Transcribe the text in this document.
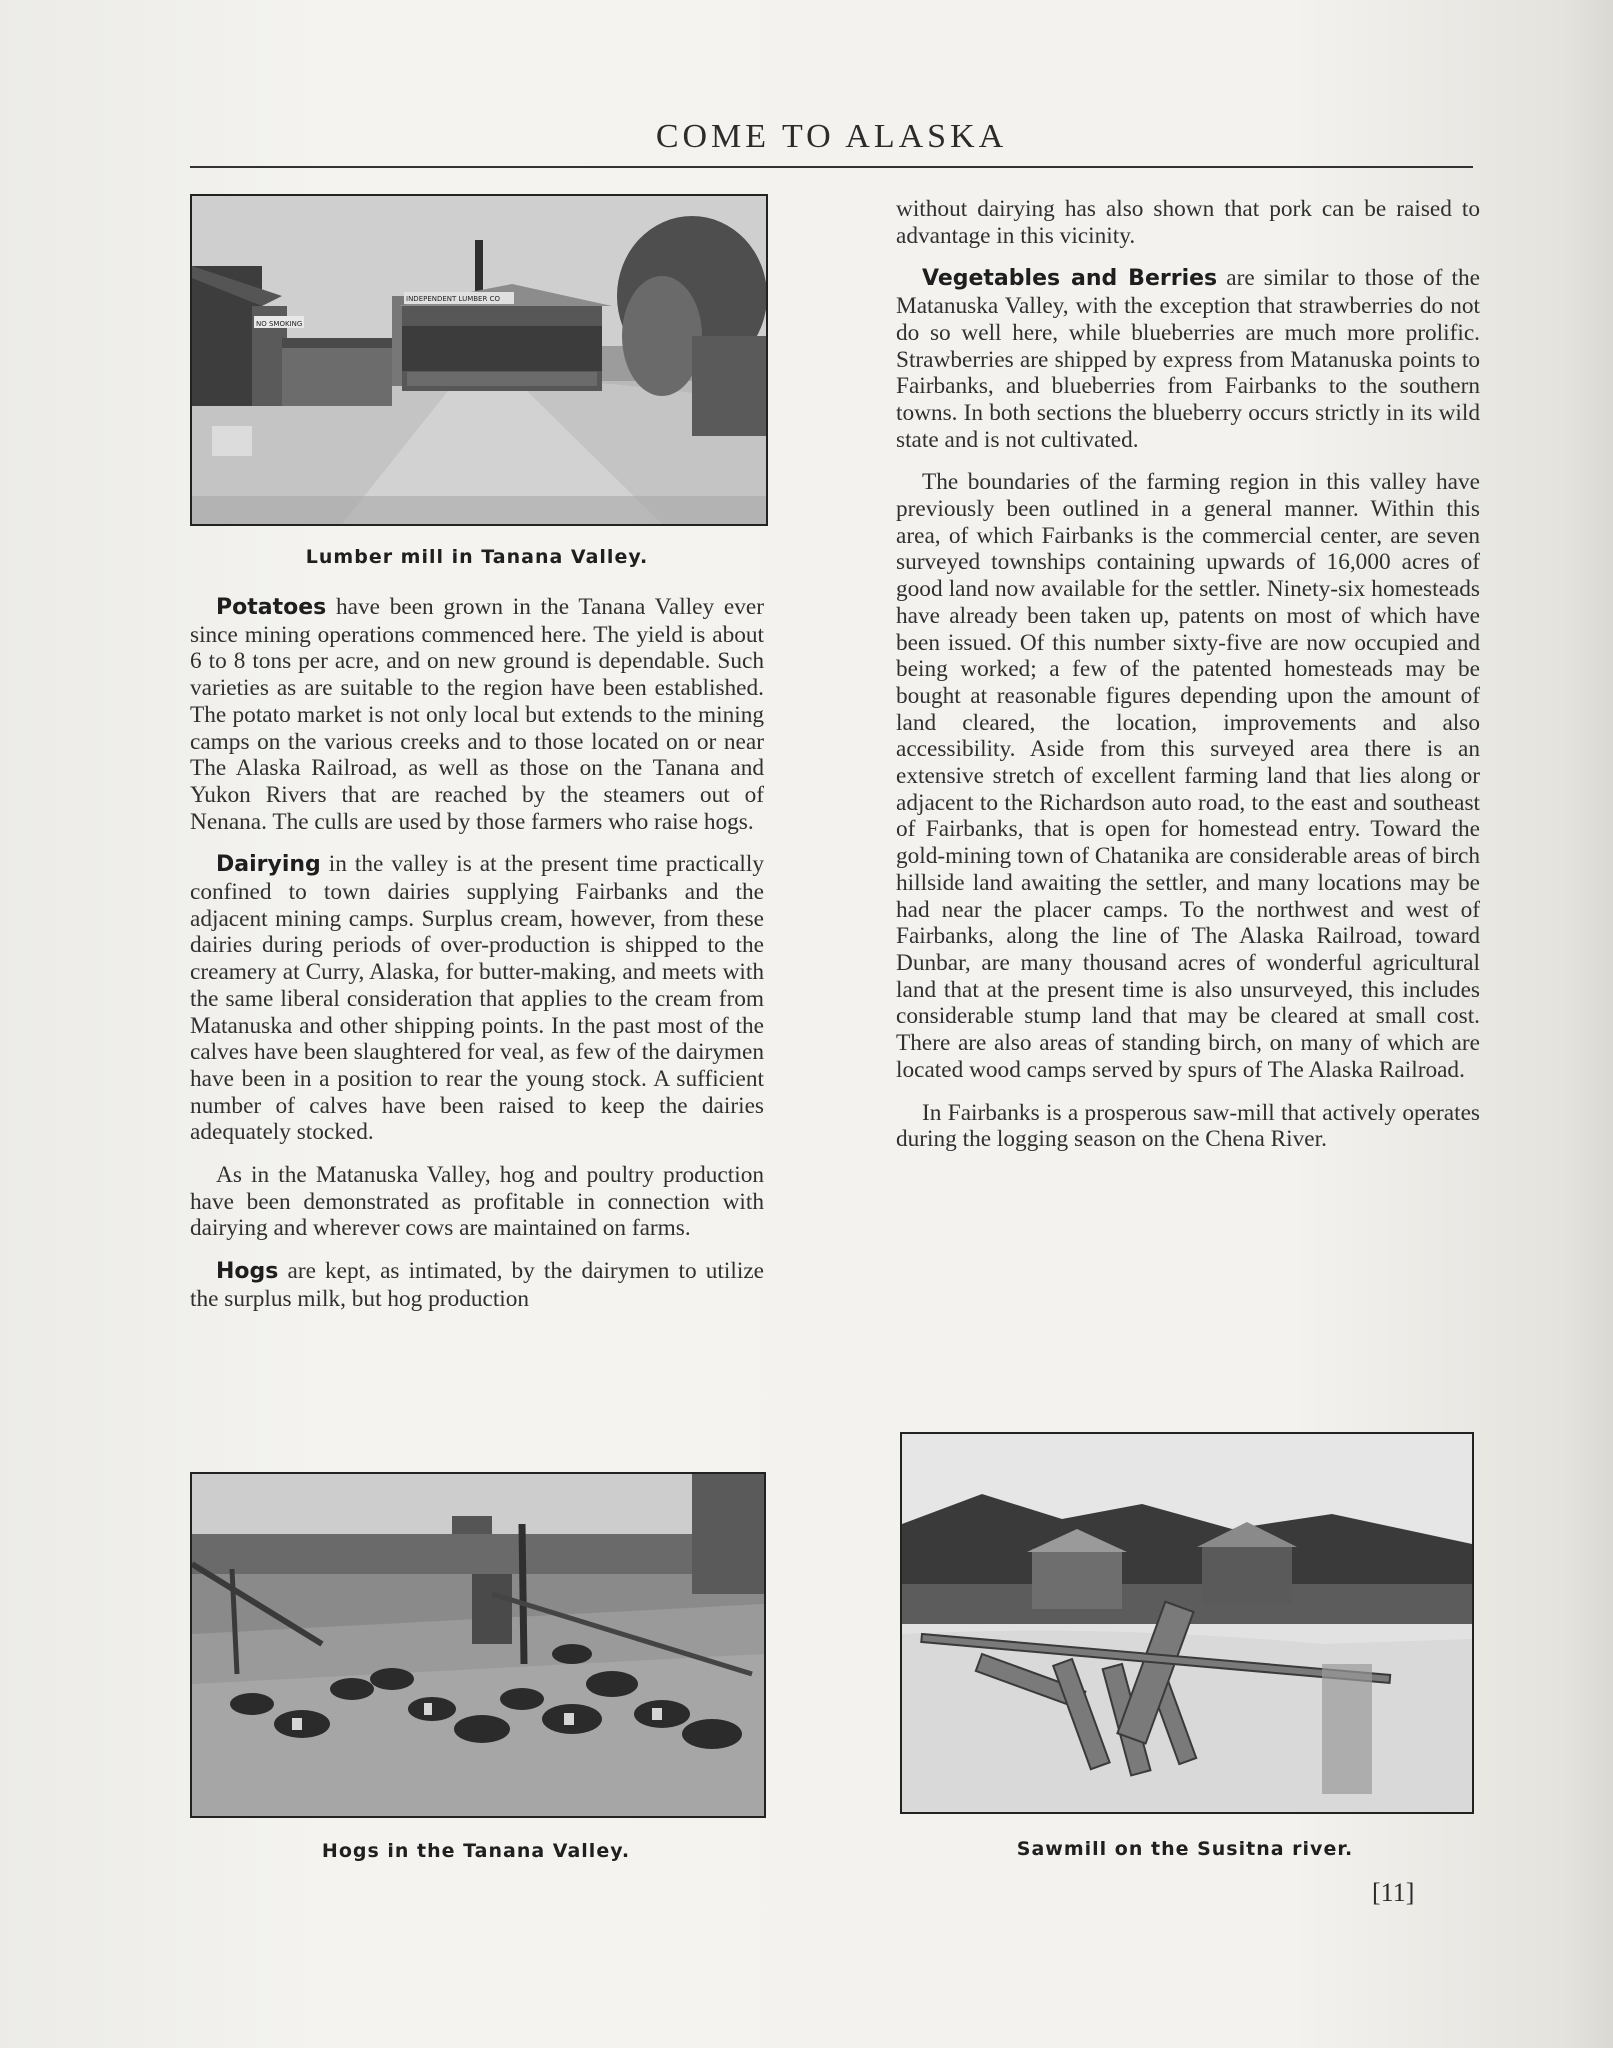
COME TO ALASKA
NO SMOKING
INDEPENDENT LUMBER CO
Lumber mill in Tanana Valley.

Potatoes have been grown in the Tanana Valley ever since mining operations commenced here. The yield is about 6 to 8 tons per acre, and on new ground is dependable. Such varieties as are suitable to the region have been established. The potato market is not only local but extends to the mining camps on the various creeks and to those located on or near The Alaska Railroad, as well as those on the Tanana and Yukon Rivers that are reached by the steamers out of Nenana. The culls are used by those farmers who raise hogs.

Dairying in the valley is at the present time practically confined to town dairies supplying Fairbanks and the adjacent mining camps. Surplus cream, however, from these dairies during periods of over-production is shipped to the creamery at Curry, Alaska, for butter-making, and meets with the same liberal consideration that applies to the cream from Matanuska and other shipping points. In the past most of the calves have been slaughtered for veal, as few of the dairymen have been in a position to rear the young stock. A sufficient number of calves have been raised to keep the dairies adequately stocked.

As in the Matanuska Valley, hog and poultry production have been demonstrated as profitable in connection with dairying and wherever cows are maintained on farms.

Hogs are kept, as intimated, by the dairymen to utilize the surplus milk, but hog production

Hogs in the Tanana Valley.

without dairying has also shown that pork can be raised to advantage in this vicinity.

Vegetables and Berries are similar to those of the Matanuska Valley, with the exception that strawberries do not do so well here, while blueberries are much more prolific. Strawberries are shipped by express from Matanuska points to Fairbanks, and blueberries from Fairbanks to the southern towns. In both sections the blueberry occurs strictly in its wild state and is not cultivated.

The boundaries of the farming region in this valley have previously been outlined in a general manner. Within this area, of which Fairbanks is the commercial center, are seven surveyed townships containing upwards of 16,000 acres of good land now available for the settler. Ninety-six homesteads have already been taken up, patents on most of which have been issued. Of this number sixty-five are now occupied and being worked; a few of the patented homesteads may be bought at reasonable figures depending upon the amount of land cleared, the location, improvements and also accessibility. Aside from this surveyed area there is an extensive stretch of excellent farming land that lies along or adjacent to the Richardson auto road, to the east and southeast of Fairbanks, that is open for homestead entry. Toward the gold-mining town of Chatanika are considerable areas of birch hillside land awaiting the settler, and many locations may be had near the placer camps. To the northwest and west of Fairbanks, along the line of The Alaska Railroad, toward Dunbar, are many thousand acres of wonderful agricultural land that at the present time is also unsurveyed, this includes considerable stump land that may be cleared at small cost. There are also areas of standing birch, on many of which are located wood camps served by spurs of The Alaska Railroad.

In Fairbanks is a prosperous saw-mill that actively operates during the logging season on the Chena River.

Sawmill on the Susitna river.
[11]
